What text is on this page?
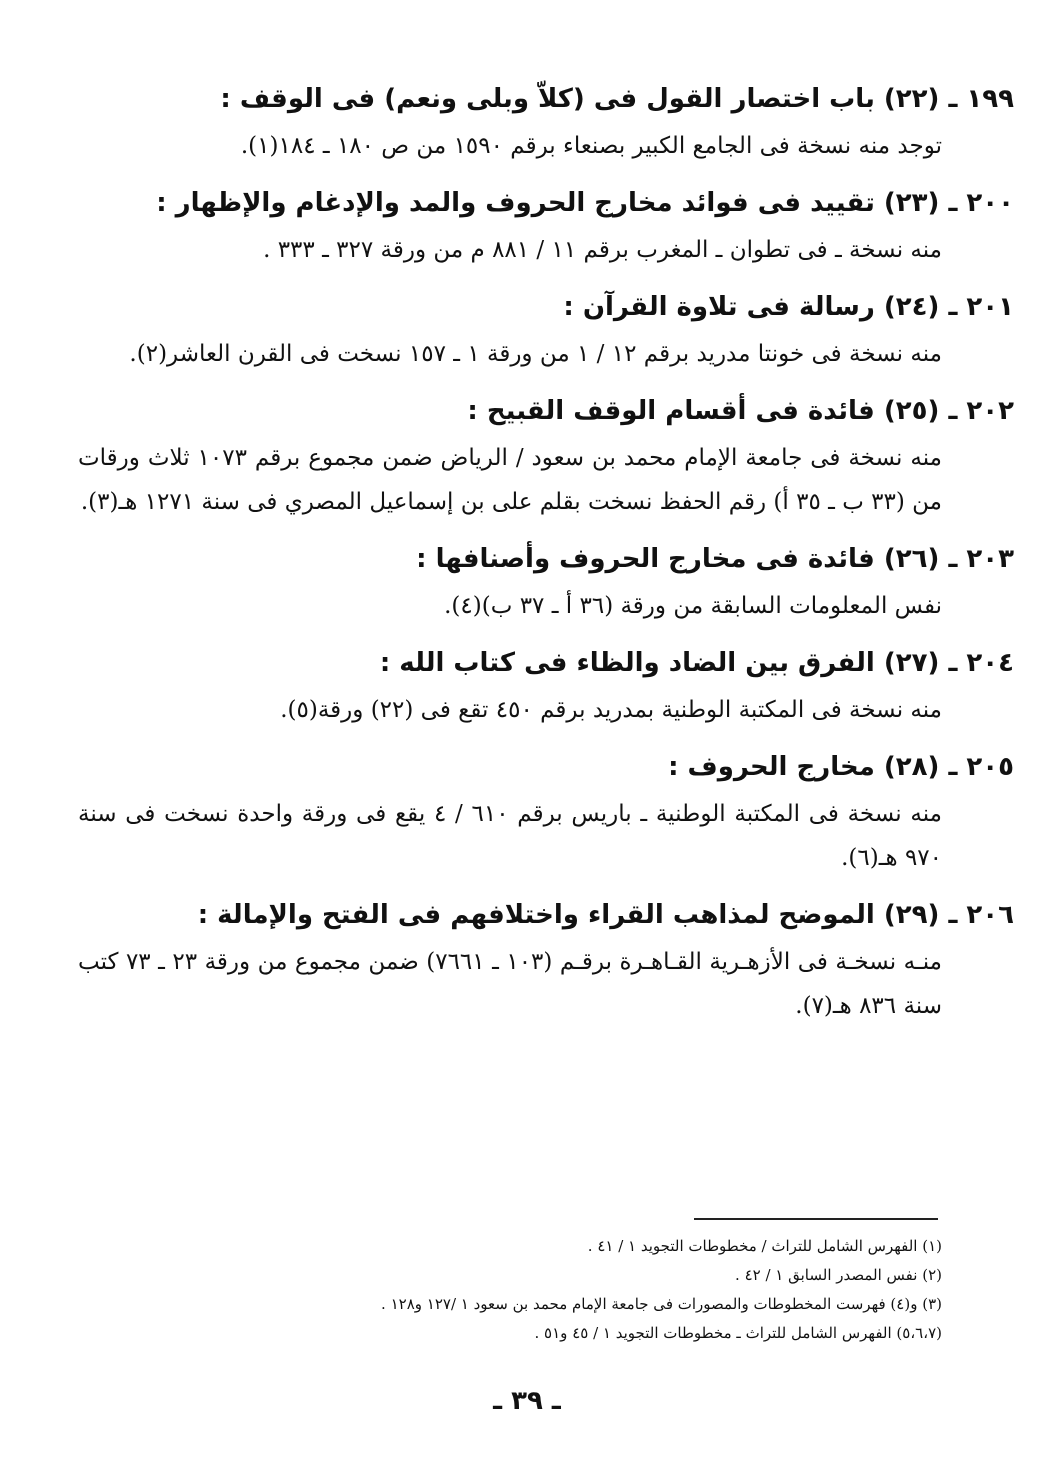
١٩٩ ـ (٢٢) باب اختصار القول فى (كلاّ وبلى ونعم) فى الوقف :

توجد منه نسخة فى الجامع الكبير بصنعاء برقم ١٥٩٠ من ص ١٨٠ ـ ١٨٤(١).

٢٠٠ ـ (٢٣) تقييد فى فوائد مخارج الحروف والمد والإدغام والإظهار :

منه نسخة ـ فى تطوان ـ المغرب برقم ١١ / ٨٨١ م من ورقة ٣٢٧ ـ ٣٣٣ .

٢٠١ ـ (٢٤) رسالة فى تلاوة القرآن :

منه نسخة فى خونتا مدريد برقم ١٢ / ١ من ورقة ١ ـ ١٥٧ نسخت فى القرن العاشر(٢).

٢٠٢ ـ (٢٥) فائدة فى أقسام الوقف القبيح :

منه نسخة فى جامعة الإمام محمد بن سعود / الرياض ضمن مجموع برقم ١٠٧٣ ثلاث ورقات من (٣٣ ب ـ ٣٥ أ) رقم الحفظ نسخت بقلم على بن إسماعيل المصري فى سنة ١٢٧١ هـ(٣).

٢٠٣ ـ (٢٦) فائدة فى مخارج الحروف وأصنافها :

نفس المعلومات السابقة من ورقة (٣٦ أ ـ ٣٧ ب)(٤).

٢٠٤ ـ (٢٧) الفرق بين الضاد والظاء فى كتاب الله :

منه نسخة فى المكتبة الوطنية بمدريد برقم ٤٥٠ تقع فى (٢٢) ورقة(٥).

٢٠٥ ـ (٢٨) مخارج الحروف :

منه نسخة فى المكتبة الوطنية ـ باريس برقم ٦١٠ / ٤ يقع فى ورقة واحدة نسخت فى سنة ٩٧٠ هـ(٦).

٢٠٦ ـ (٢٩) الموضح لمذاهب القراء واختلافهم فى الفتح والإمالة :

منـه نسخـة فى الأزهـرية القـاهـرة برقـم (١٠٣ ـ ٧٦٦١) ضمن مجموع من ورقة ٢٣ ـ ٧٣ كتب سنة ٨٣٦ هـ(٧).

(١) الفهرس الشامل للتراث / مخطوطات التجويد ١ / ٤١ .

(٢) نفس المصدر السابق ١ / ٤٢ .

(٣) و(٤) فهرست المخطوطات والمصورات فى جامعة الإمام محمد بن سعود ١ /١٢٧ و١٢٨ .

(٥،٦،٧) الفهرس الشامل للتراث ـ مخطوطات التجويد ١ / ٤٥ و٥١ .

ـ ٣٩ ـ
